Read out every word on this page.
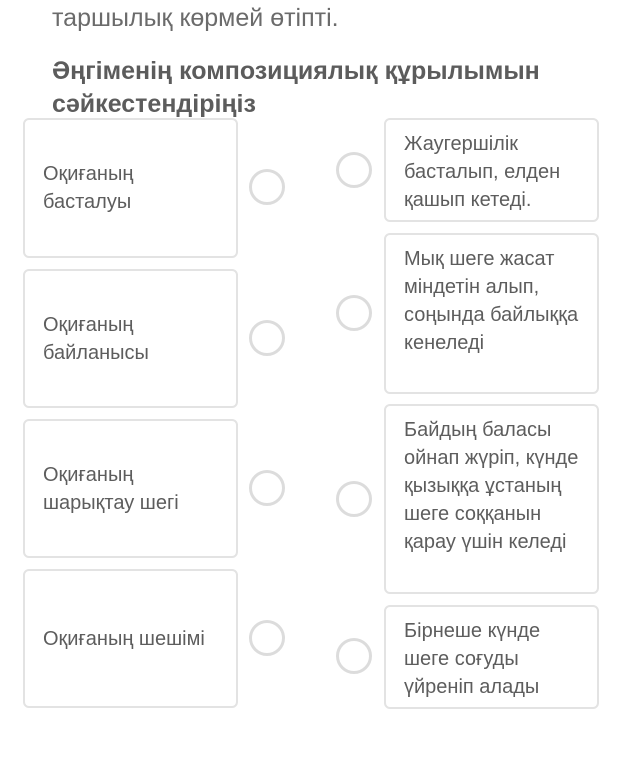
таршылық көрмей өтіпті.
Әңгіменің композициялық құрылымын сәйкестендіріңіз
Оқиғаның басталуы
Оқиғаның байланысы
Оқиғаның шарықтау шегі
Оқиғаның шешімі
Жаугершілік басталып, елден қашып кетеді.
Мық шеге жасат міндетін алып, соңында байлыққа кенеледі
Байдың баласы ойнап жүріп, күнде қызыққа ұстаның шеге соққанын қарау үшін келеді
Бірнеше күнде шеге соғуды үйреніп алады
